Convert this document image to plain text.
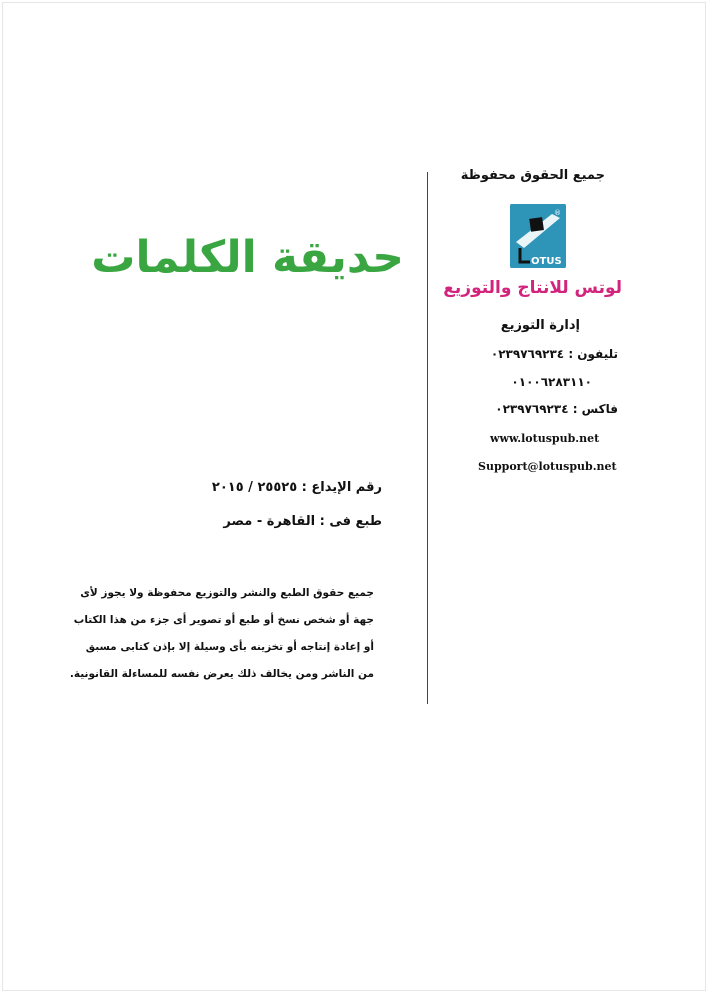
حديقة الكلمات
رقم الإيداع : ٢٥٥٢٥ / ٢٠١٥
طبع فى : القاهرة - مصر
جميع حقوق الطبع والنشر والتوزيع محفوظة ولا يجوز لأى
جهة أو شخص نسخ أو طبع أو تصوير أى جزء من هذا الكتاب
أو إعادة إنتاجه أو تخزينه بأى وسيلة إلا بإذن كتابى مسبق
من الناشر ومن يخالف ذلك يعرض نفسه للمساءلة القانونية.
جميع الحقوق محفوظة
®
OTUS
لوتس للانتاج والتوزيع
إدارة التوزيع
تليفون : ٠٢٣٩٧٦٩٢٣٤
٠١٠٠٦٢٨٣١١٠
فاكس : ٠٢٣٩٧٦٩٢٣٤
www.lotuspub.net
Support@lotuspub.net
